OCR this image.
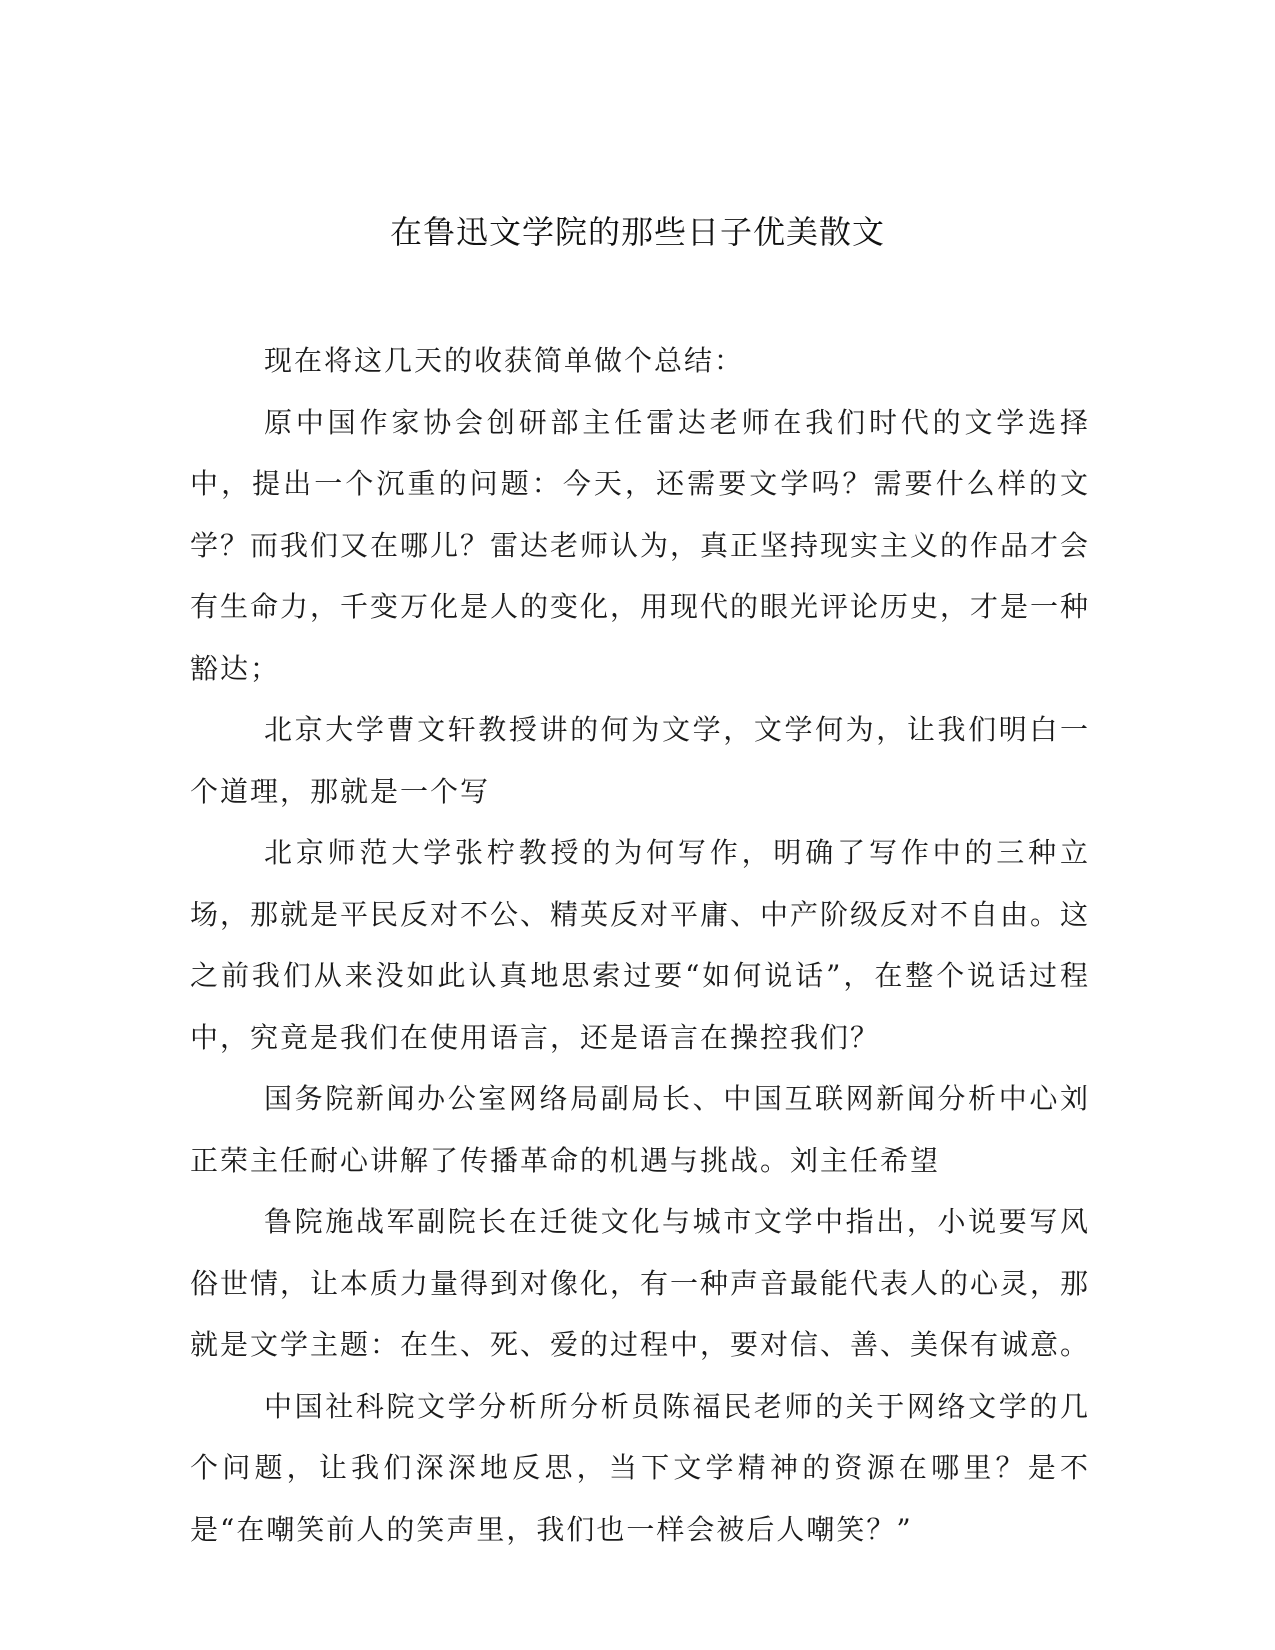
在鲁迅文学院的那些日子优美散文

现在将这几天的收获简单做个总结：

原中国作家协会创研部主任雷达老师在我们时代的文学选择中，提出一个沉重的问题：今天，还需要文学吗？需要什么样的文学？而我们又在哪儿？雷达老师认为，真正坚持现实主义的作品才会有生命力，千变万化是人的变化，用现代的眼光评论历史，才是一种豁达；

北京大学曹文轩教授讲的何为文学，文学何为，让我们明白一个道理，那就是一个写

北京师范大学张柠教授的为何写作，明确了写作中的三种立场，那就是平民反对不公、精英反对平庸、中产阶级反对不自由。这之前我们从来没如此认真地思索过要“如何说话”，在整个说话过程中，究竟是我们在使用语言，还是语言在操控我们？

国务院新闻办公室网络局副局长、中国互联网新闻分析中心刘正荣主任耐心讲解了传播革命的机遇与挑战。刘主任希望

鲁院施战军副院长在迁徙文化与城市文学中指出，小说要写风俗世情，让本质力量得到对像化，有一种声音最能代表人的心灵，那就是文学主题：在生、死、爱的过程中，要对信、善、美保有诚意。

中国社科院文学分析所分析员陈福民老师的关于网络文学的几个问题，让我们深深地反思，当下文学精神的资源在哪里？是不是“在嘲笑前人的笑声里，我们也一样会被后人嘲笑？”
